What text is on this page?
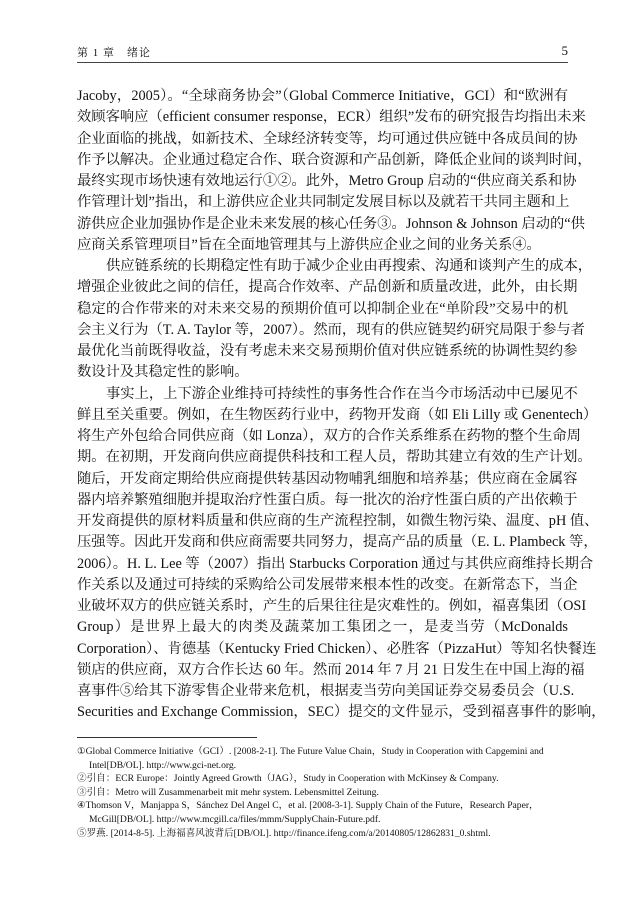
第 1 章　绪论	5
Jacoby，2005）。“全球商务协会”（Global Commerce Initiative，GCI）和“欧洲有
效顾客响应（efficient consumer response，ECR）组织”发布的研究报告均指出未来
企业面临的挑战，如新技术、全球经济转变等，均可通过供应链中各成员间的协
作予以解决。企业通过稳定合作、联合资源和产品创新，降低企业间的谈判时间，
最终实现市场快速有效地运行①②。此外，Metro Group 启动的“供应商关系和协
作管理计划”指出，和上游供应企业共同制定发展目标以及就若干共同主题和上
游供应企业加强协作是企业未来发展的核心任务③。Johnson & Johnson 启动的“供
应商关系管理项目”旨在全面地管理其与上游供应企业之间的业务关系④。
供应链系统的长期稳定性有助于减少企业由再搜索、沟通和谈判产生的成本，
增强企业彼此之间的信任，提高合作效率、产品创新和质量改进，此外，由长期
稳定的合作带来的对未来交易的预期价值可以抑制企业在“单阶段”交易中的机
会主义行为（T. A. Taylor 等，2007）。然而，现有的供应链契约研究局限于参与者
最优化当前既得收益，没有考虑未来交易预期价值对供应链系统的协调性契约参
数设计及其稳定性的影响。
事实上，上下游企业维持可持续性的事务性合作在当今市场活动中已屡见不
鲜且至关重要。例如，在生物医药行业中，药物开发商（如 Eli Lilly 或 Genentech）
将生产外包给合同供应商（如 Lonza），双方的合作关系维系在药物的整个生命周
期。在初期，开发商向供应商提供科技和工程人员，帮助其建立有效的生产计划。
随后，开发商定期给供应商提供转基因动物哺乳细胞和培养基；供应商在金属容
器内培养繁殖细胞并提取治疗性蛋白质。每一批次的治疗性蛋白质的产出依赖于
开发商提供的原材料质量和供应商的生产流程控制，如微生物污染、温度、pH 值、
压强等。因此开发商和供应商需要共同努力，提高产品的质量（E. L. Plambeck 等，
2006）。H. L. Lee 等（2007）指出 Starbucks Corporation 通过与其供应商维持长期合
作关系以及通过可持续的采购给公司发展带来根本性的改变。在新常态下，当企
业破坏双方的供应链关系时，产生的后果往往是灾难性的。例如，福喜集团（OSI
Group）是世界上最大的肉类及蔬菜加工集团之一，是麦当劳（McDonalds
Corporation）、肯德基（Kentucky Fried Chicken）、必胜客（PizzaHut）等知名快餐连
锁店的供应商，双方合作长达 60 年。然而 2014 年 7 月 21 日发生在中国上海的福
喜事件⑤给其下游零售企业带来危机，根据麦当劳向美国证券交易委员会（U.S.
Securities and Exchange Commission，SEC）提交的文件显示，受到福喜事件的影响，
①Global Commerce Initiative（GCI）. [2008-2-1]. The Future Value Chain，Study in Cooperation with Capgemini and
Intel[DB/OL]. http://www.gci-net.org.
②引自：ECR Europe：Jointly Agreed Growth（JAG），Study in Cooperation with McKinsey & Company.
③引自：Metro will Zusammenarbeit mit mehr system. Lebensmittel Zeitung.
④Thomson V，Manjappa S，Sánchez Del Angel C，et al. [2008-3-1]. Supply Chain of the Future，Research Paper，
McGill[DB/OL]. http://www.mcgill.ca/files/mmm/SupplyChain-Future.pdf.
⑤罗燕. [2014-8-5]. 上海福喜风波背后[DB/OL]. http://finance.ifeng.com/a/20140805/12862831_0.shtml.
